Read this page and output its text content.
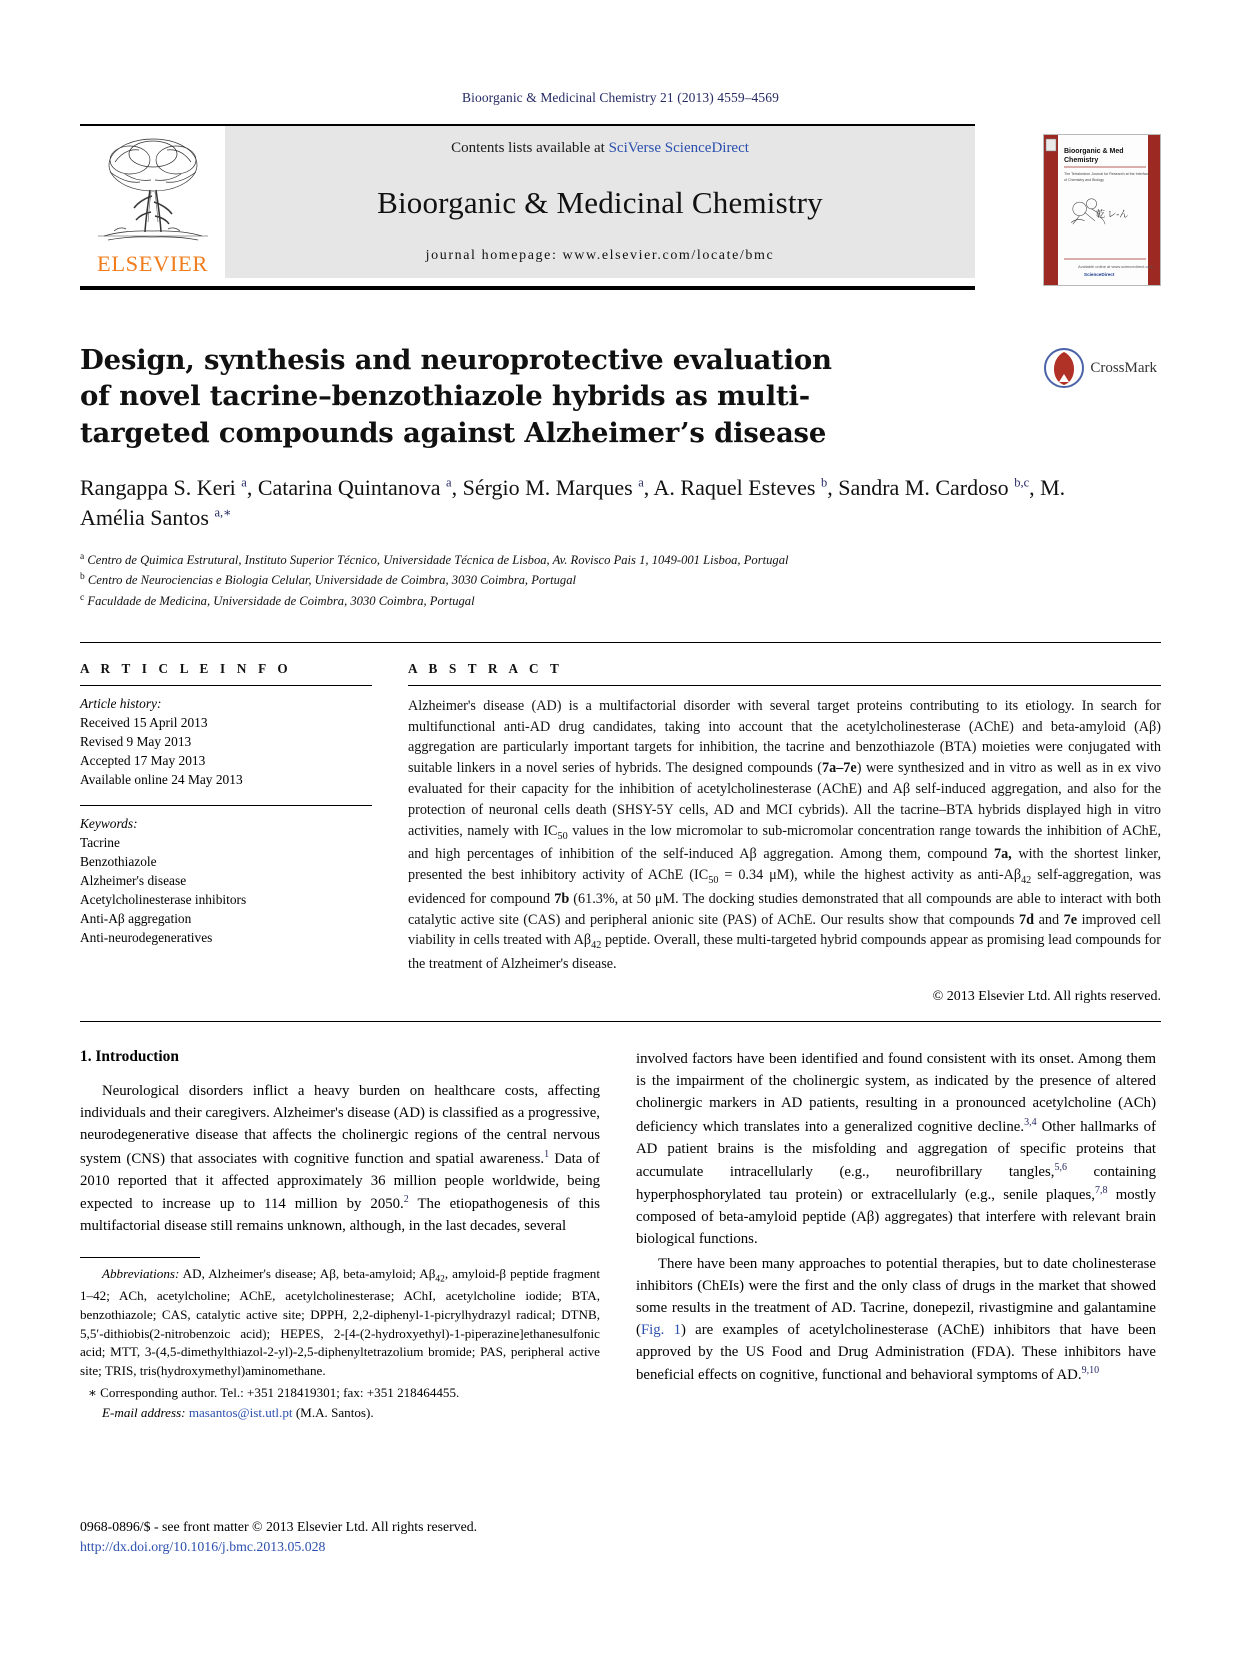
Bioorganic & Medicinal Chemistry 21 (2013) 4559–4569
ELSEVIER
Contents lists available at SciVerse ScienceDirect
Bioorganic & Medicinal Chemistry
journal homepage: www.elsevier.com/locate/bmc
Bioorganic & Med
Chemistry
The Tetrahedron Journal for Research at the Interface
of Chemistry and Biology
乾 レ-ん
Available online at www.sciencedirect.com
ScienceDirect
CrossMark
Design, synthesis and neuroprotective evaluation of novel tacrine–benzothiazole hybrids as multi-targeted compounds against Alzheimer’s disease
Rangappa S. Keri $^a$, Catarina Quintanova $^a$, Sérgio M. Marques $^a$, A. Raquel Esteves $^b$, Sandra M. Cardoso $^{b,c}$, M. Amélia Santos $^{a,∗}$
$^a$ Centro de Quimica Estrutural, Instituto Superior Técnico, Universidade Técnica de Lisboa, Av. Rovisco Pais 1, 1049-001 Lisboa, Portugal
$^b$ Centro de Neurociencias e Biologia Celular, Universidade de Coimbra, 3030 Coimbra, Portugal
$^c$ Faculdade de Medicina, Universidade de Coimbra, 3030 Coimbra, Portugal
A R T I C L E I N F O
Article history:
Received 15 April 2013
Revised 9 May 2013
Accepted 17 May 2013
Available online 24 May 2013
Keywords:
Tacrine
Benzothiazole
Alzheimer's disease
Acetylcholinesterase inhibitors
Anti-Aβ aggregation
Anti-neurodegeneratives
A B S T R A C T
Alzheimer's disease (AD) is a multifactorial disorder with several target proteins contributing to its etiology. In search for multifunctional anti-AD drug candidates, taking into account that the acetylcholinesterase (AChE) and beta-amyloid (Aβ) aggregation are particularly important targets for inhibition, the tacrine and benzothiazole (BTA) moieties were conjugated with suitable linkers in a novel series of hybrids. The designed compounds (7a–7e) were synthesized and in vitro as well as in ex vivo evaluated for their capacity for the inhibition of acetylcholinesterase (AChE) and Aβ self-induced aggregation, and also for the protection of neuronal cells death (SHSY-5Y cells, AD and MCI cybrids). All the tacrine–BTA hybrids displayed high in vitro activities, namely with $IC_{50}$ values in the low micromolar to sub-micromolar concentration range towards the inhibition of AChE, and high percentages of inhibition of the self-induced Aβ aggregation. Among them, compound 7a, with the shortest linker, presented the best inhibitory activity of AChE ($IC_{50} = 0.34$ μM), while the highest activity as anti-$A\beta_{42}$ self-aggregation, was evidenced for compound 7b (61.3%, at 50 μM. The docking studies demonstrated that all compounds are able to interact with both catalytic active site (CAS) and peripheral anionic site (PAS) of AChE. Our results show that compounds 7d and 7e improved cell viability in cells treated with $A\beta_{42}$ peptide. Overall, these multi-targeted hybrid compounds appear as promising lead compounds for the treatment of Alzheimer's disease.
© 2013 Elsevier Ltd. All rights reserved.
1. Introduction

Neurological disorders inflict a heavy burden on healthcare costs, affecting individuals and their caregivers. Alzheimer's disease (AD) is classified as a progressive, neurodegenerative disease that affects the cholinergic regions of the central nervous system (CNS) that associates with cognitive function and spatial awareness.$^1$ Data of 2010 reported that it affected approximately 36 million people worldwide, being expected to increase up to 114 million by 2050.$^2$ The etiopathogenesis of this multifactorial disease still remains unknown, although, in the last decades, several

Abbreviations: AD, Alzheimer's disease; Aβ, beta-amyloid; $A\beta_{42}$, amyloid-β peptide fragment 1–42; ACh, acetylcholine; AChE, acetylcholinesterase; AChI, acetylcholine iodide; BTA, benzothiazole; CAS, catalytic active site; DPPH, 2,2-diphenyl-1-picrylhydrazyl radical; DTNB, 5,5′-dithiobis(2-nitrobenzoic acid); HEPES, 2-[4-(2-hydroxyethyl)-1-piperazine]ethanesulfonic acid; MTT, 3-(4,5-dimethylthiazol-2-yl)-2,5-diphenyltetrazolium bromide; PAS, peripheral active site; TRIS, tris(hydroxymethyl)aminomethane.
∗ Corresponding author. Tel.: +351 218419301; fax: +351 218464455.
E-mail address: masantos@ist.utl.pt (M.A. Santos).

involved factors have been identified and found consistent with its onset. Among them is the impairment of the cholinergic system, as indicated by the presence of altered cholinergic markers in AD patients, resulting in a pronounced acetylcholine (ACh) deficiency which translates into a generalized cognitive decline.$^{3,4}$ Other hallmarks of AD patient brains is the misfolding and aggregation of specific proteins that accumulate intracellularly (e.g., neurofibrillary tangles,$^{5,6}$ containing hyperphosphorylated tau protein) or extracellularly (e.g., senile plaques,$^{7,8}$ mostly composed of beta-amyloid peptide (Aβ) aggregates) that interfere with relevant brain biological functions.

There have been many approaches to potential therapies, but to date cholinesterase inhibitors (ChEIs) were the first and the only class of drugs in the market that showed some results in the treatment of AD. Tacrine, donepezil, rivastigmine and galantamine (Fig. 1) are examples of acetylcholinesterase (AChE) inhibitors that have been approved by the US Food and Drug Administration (FDA). These inhibitors have beneficial effects on cognitive, functional and behavioral symptoms of AD.$^{9,10}$

0968-0896/$ - see front matter © 2013 Elsevier Ltd. All rights reserved.
http://dx.doi.org/10.1016/j.bmc.2013.05.028
